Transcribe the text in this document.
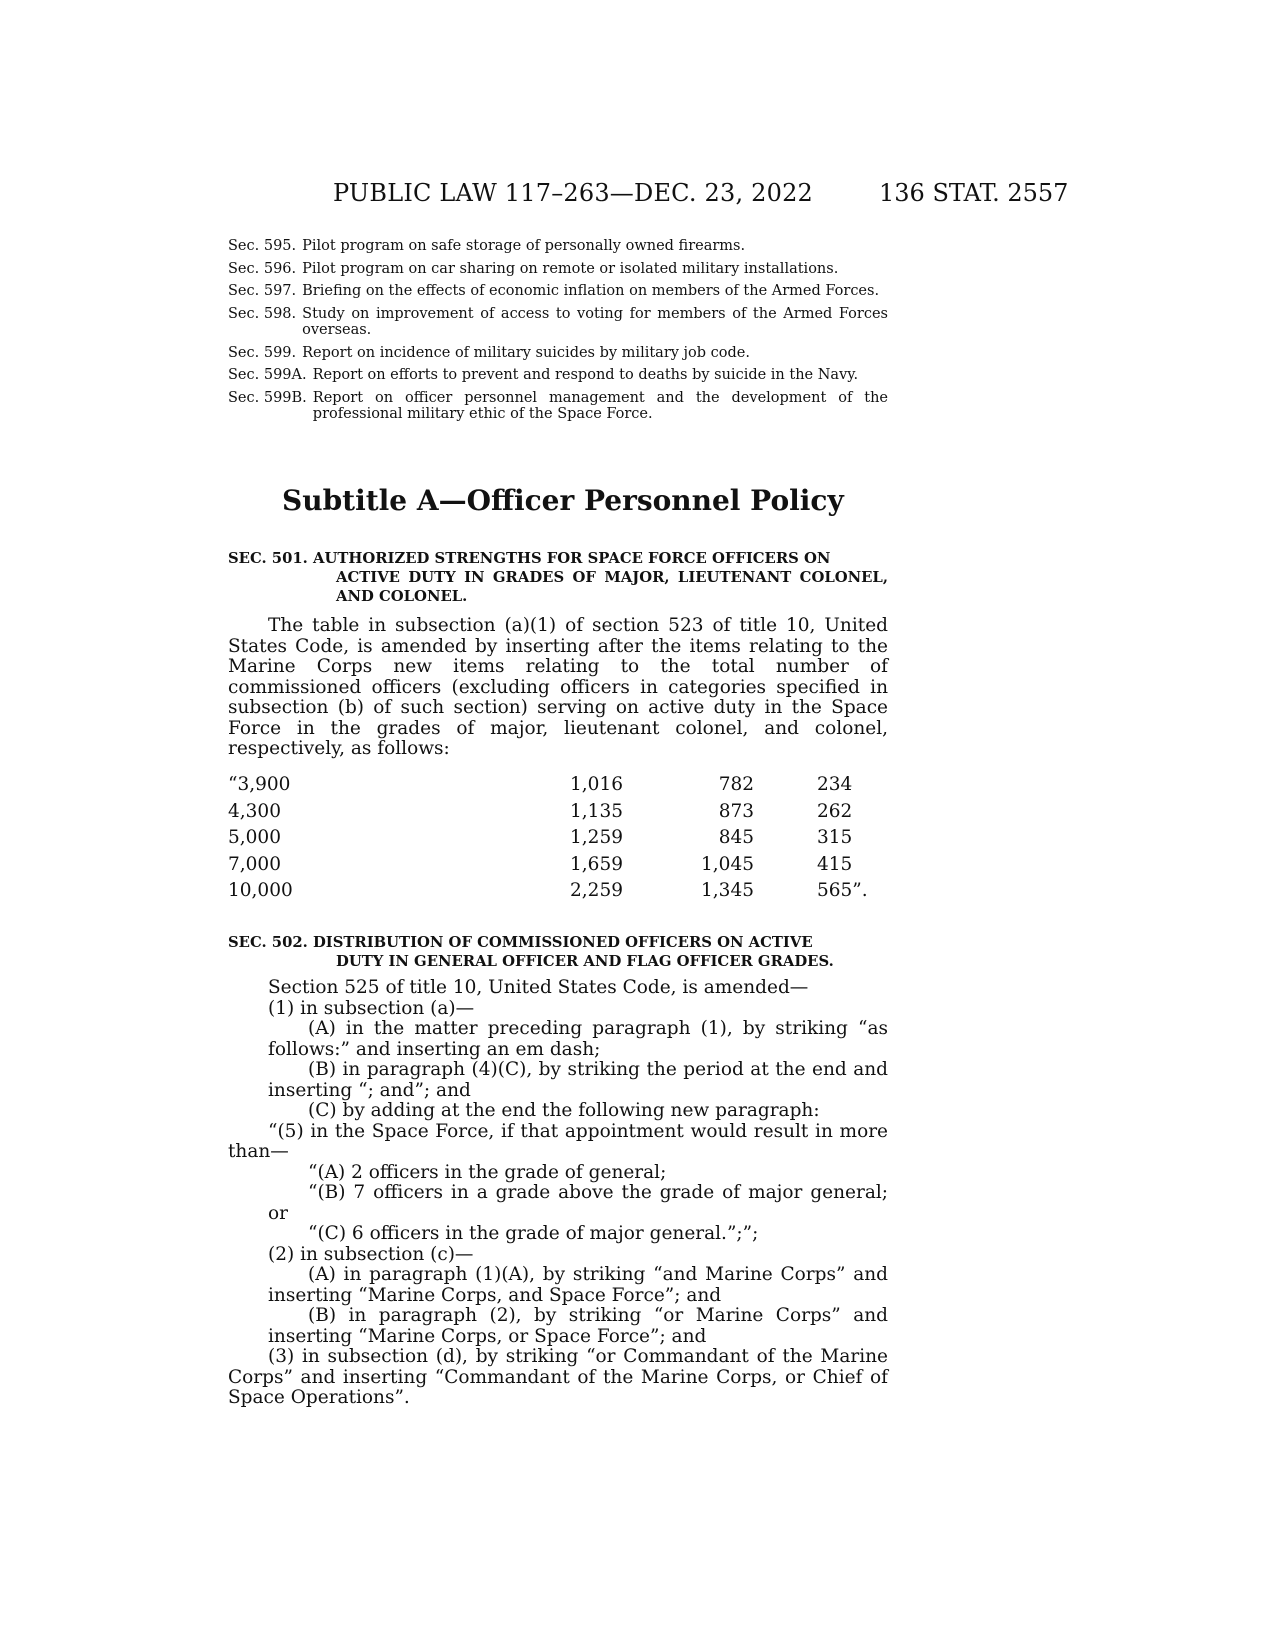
PUBLIC LAW 117–263—DEC. 23, 2022	136 STAT. 2557
Sec. 595. Pilot program on safe storage of personally owned firearms.
Sec. 596. Pilot program on car sharing on remote or isolated military installations.
Sec. 597. Briefing on the effects of economic inflation on members of the Armed Forces.
Sec. 598. Study on improvement of access to voting for members of the Armed Forces overseas.
Sec. 599. Report on incidence of military suicides by military job code.
Sec. 599A. Report on efforts to prevent and respond to deaths by suicide in the Navy.
Sec. 599B. Report on officer personnel management and the development of the professional military ethic of the Space Force.
Subtitle A—Officer Personnel Policy
SEC. 501. AUTHORIZED STRENGTHS FOR SPACE FORCE OFFICERS ON
ACTIVE DUTY IN GRADES OF MAJOR, LIEUTENANT COLONEL, AND COLONEL.
The table in subsection (a)(1) of section 523 of title 10, United States Code, is amended by inserting after the items relating to the Marine Corps new items relating to the total number of commissioned officers (excluding officers in categories specified in subsection (b) of such section) serving on active duty in the Space Force in the grades of major, lieutenant colonel, and colonel, respectively, as follows:
“3,900	1,016	782	234
4,300	1,135	873	262
5,000	1,259	845	315
7,000	1,659	1,045	415
10,000	2,259	1,345	565”.
SEC. 502. DISTRIBUTION OF COMMISSIONED OFFICERS ON ACTIVE
DUTY IN GENERAL OFFICER AND FLAG OFFICER GRADES.
Section 525 of title 10, United States Code, is amended—
(1) in subsection (a)—
(A) in the matter preceding paragraph (1), by striking “as follows:” and inserting an em dash;
(B) in paragraph (4)(C), by striking the period at the end and inserting “; and”; and
(C) by adding at the end the following new paragraph:
“(5) in the Space Force, if that appointment would result in more than—
“(A) 2 officers in the grade of general;
“(B) 7 officers in a grade above the grade of major general; or
“(C) 6 officers in the grade of major general.”;”;
(2) in subsection (c)—
(A) in paragraph (1)(A), by striking “and Marine Corps” and inserting “Marine Corps, and Space Force”; and
(B) in paragraph (2), by striking “or Marine Corps” and inserting “Marine Corps, or Space Force”; and
(3) in subsection (d), by striking “or Commandant of the Marine Corps” and inserting “Commandant of the Marine Corps, or Chief of Space Operations”.
